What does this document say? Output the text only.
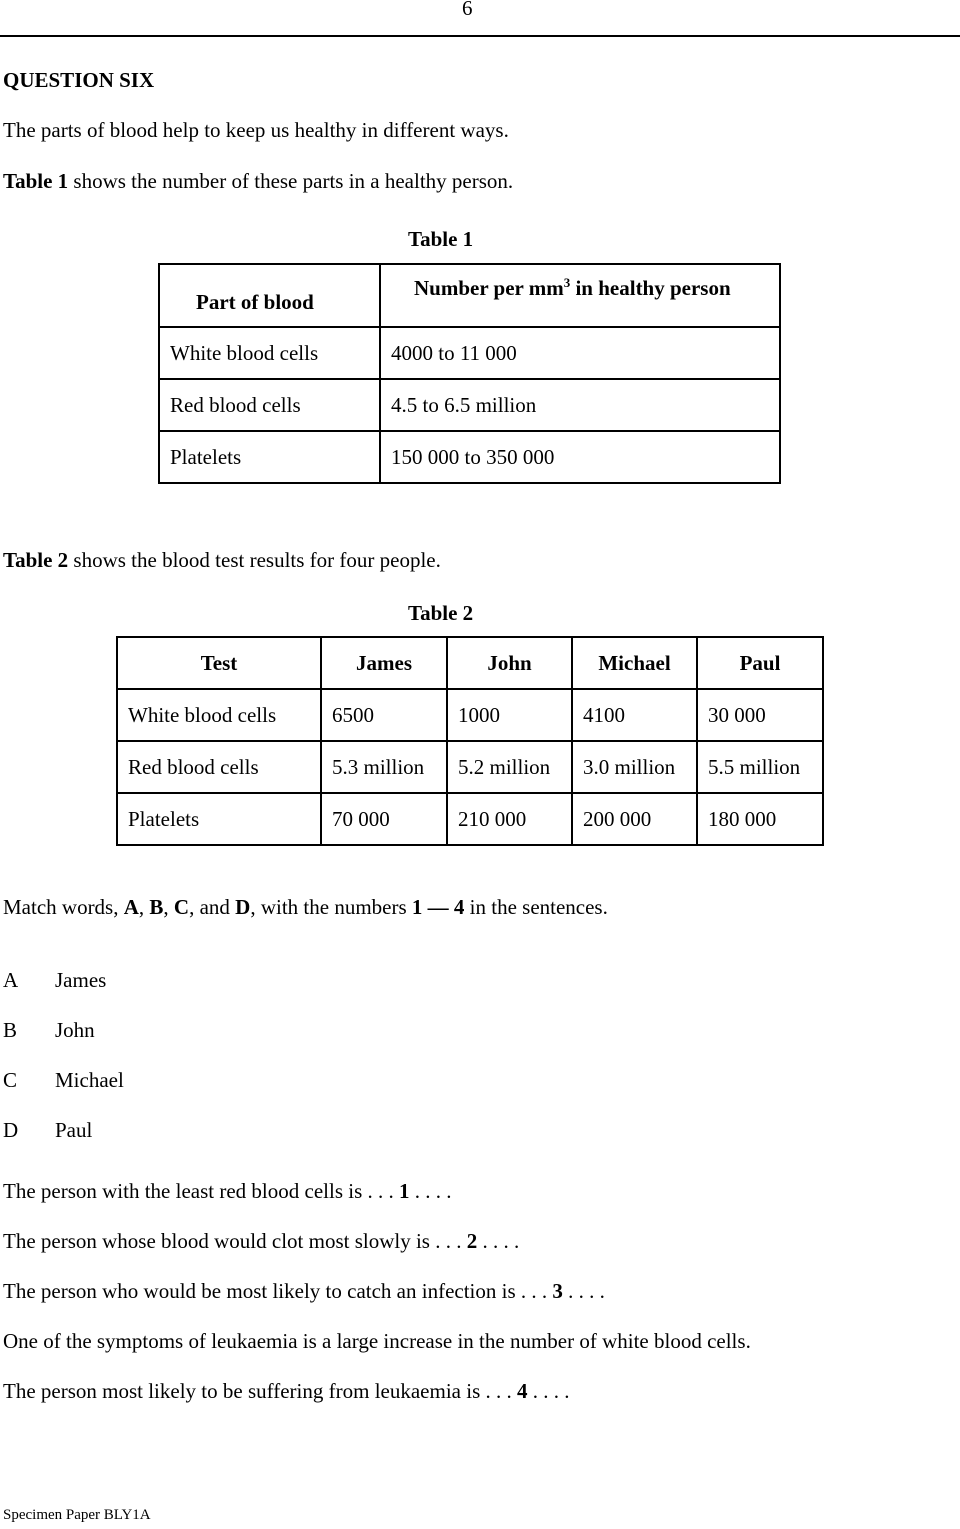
6
QUESTION SIX
The parts of blood help to keep us healthy in different ways.
Table 1 shows the number of these parts in a healthy person.
Table 1
Part of blood	Number per $mm^3$ in healthy person
White blood cells	4000 to 11 000
Red blood cells	4.5 to 6.5 million
Platelets	150 000 to 350 000
Table 2 shows the blood test results for four people.
Table 2
Test	James	John	Michael	Paul
White blood cells	6500	1000	4100	30 000
Red blood cells	5.3 million	5.2 million	3.0 million	5.5 million
Platelets	70 000	210 000	200 000	180 000
Match words, A, B, C, and D, with the numbers 1 — 4 in the sentences.
A James
B John
C Michael
D Paul
The person with the least red blood cells is . . . 1 . . . .
The person whose blood would clot most slowly is . . . 2 . . . .
The person who would be most likely to catch an infection is . . . 3 . . . .
One of the symptoms of leukaemia is a large increase in the number of white blood cells.
The person most likely to be suffering from leukaemia is . . . 4 . . . .
Specimen Paper BLY1A
